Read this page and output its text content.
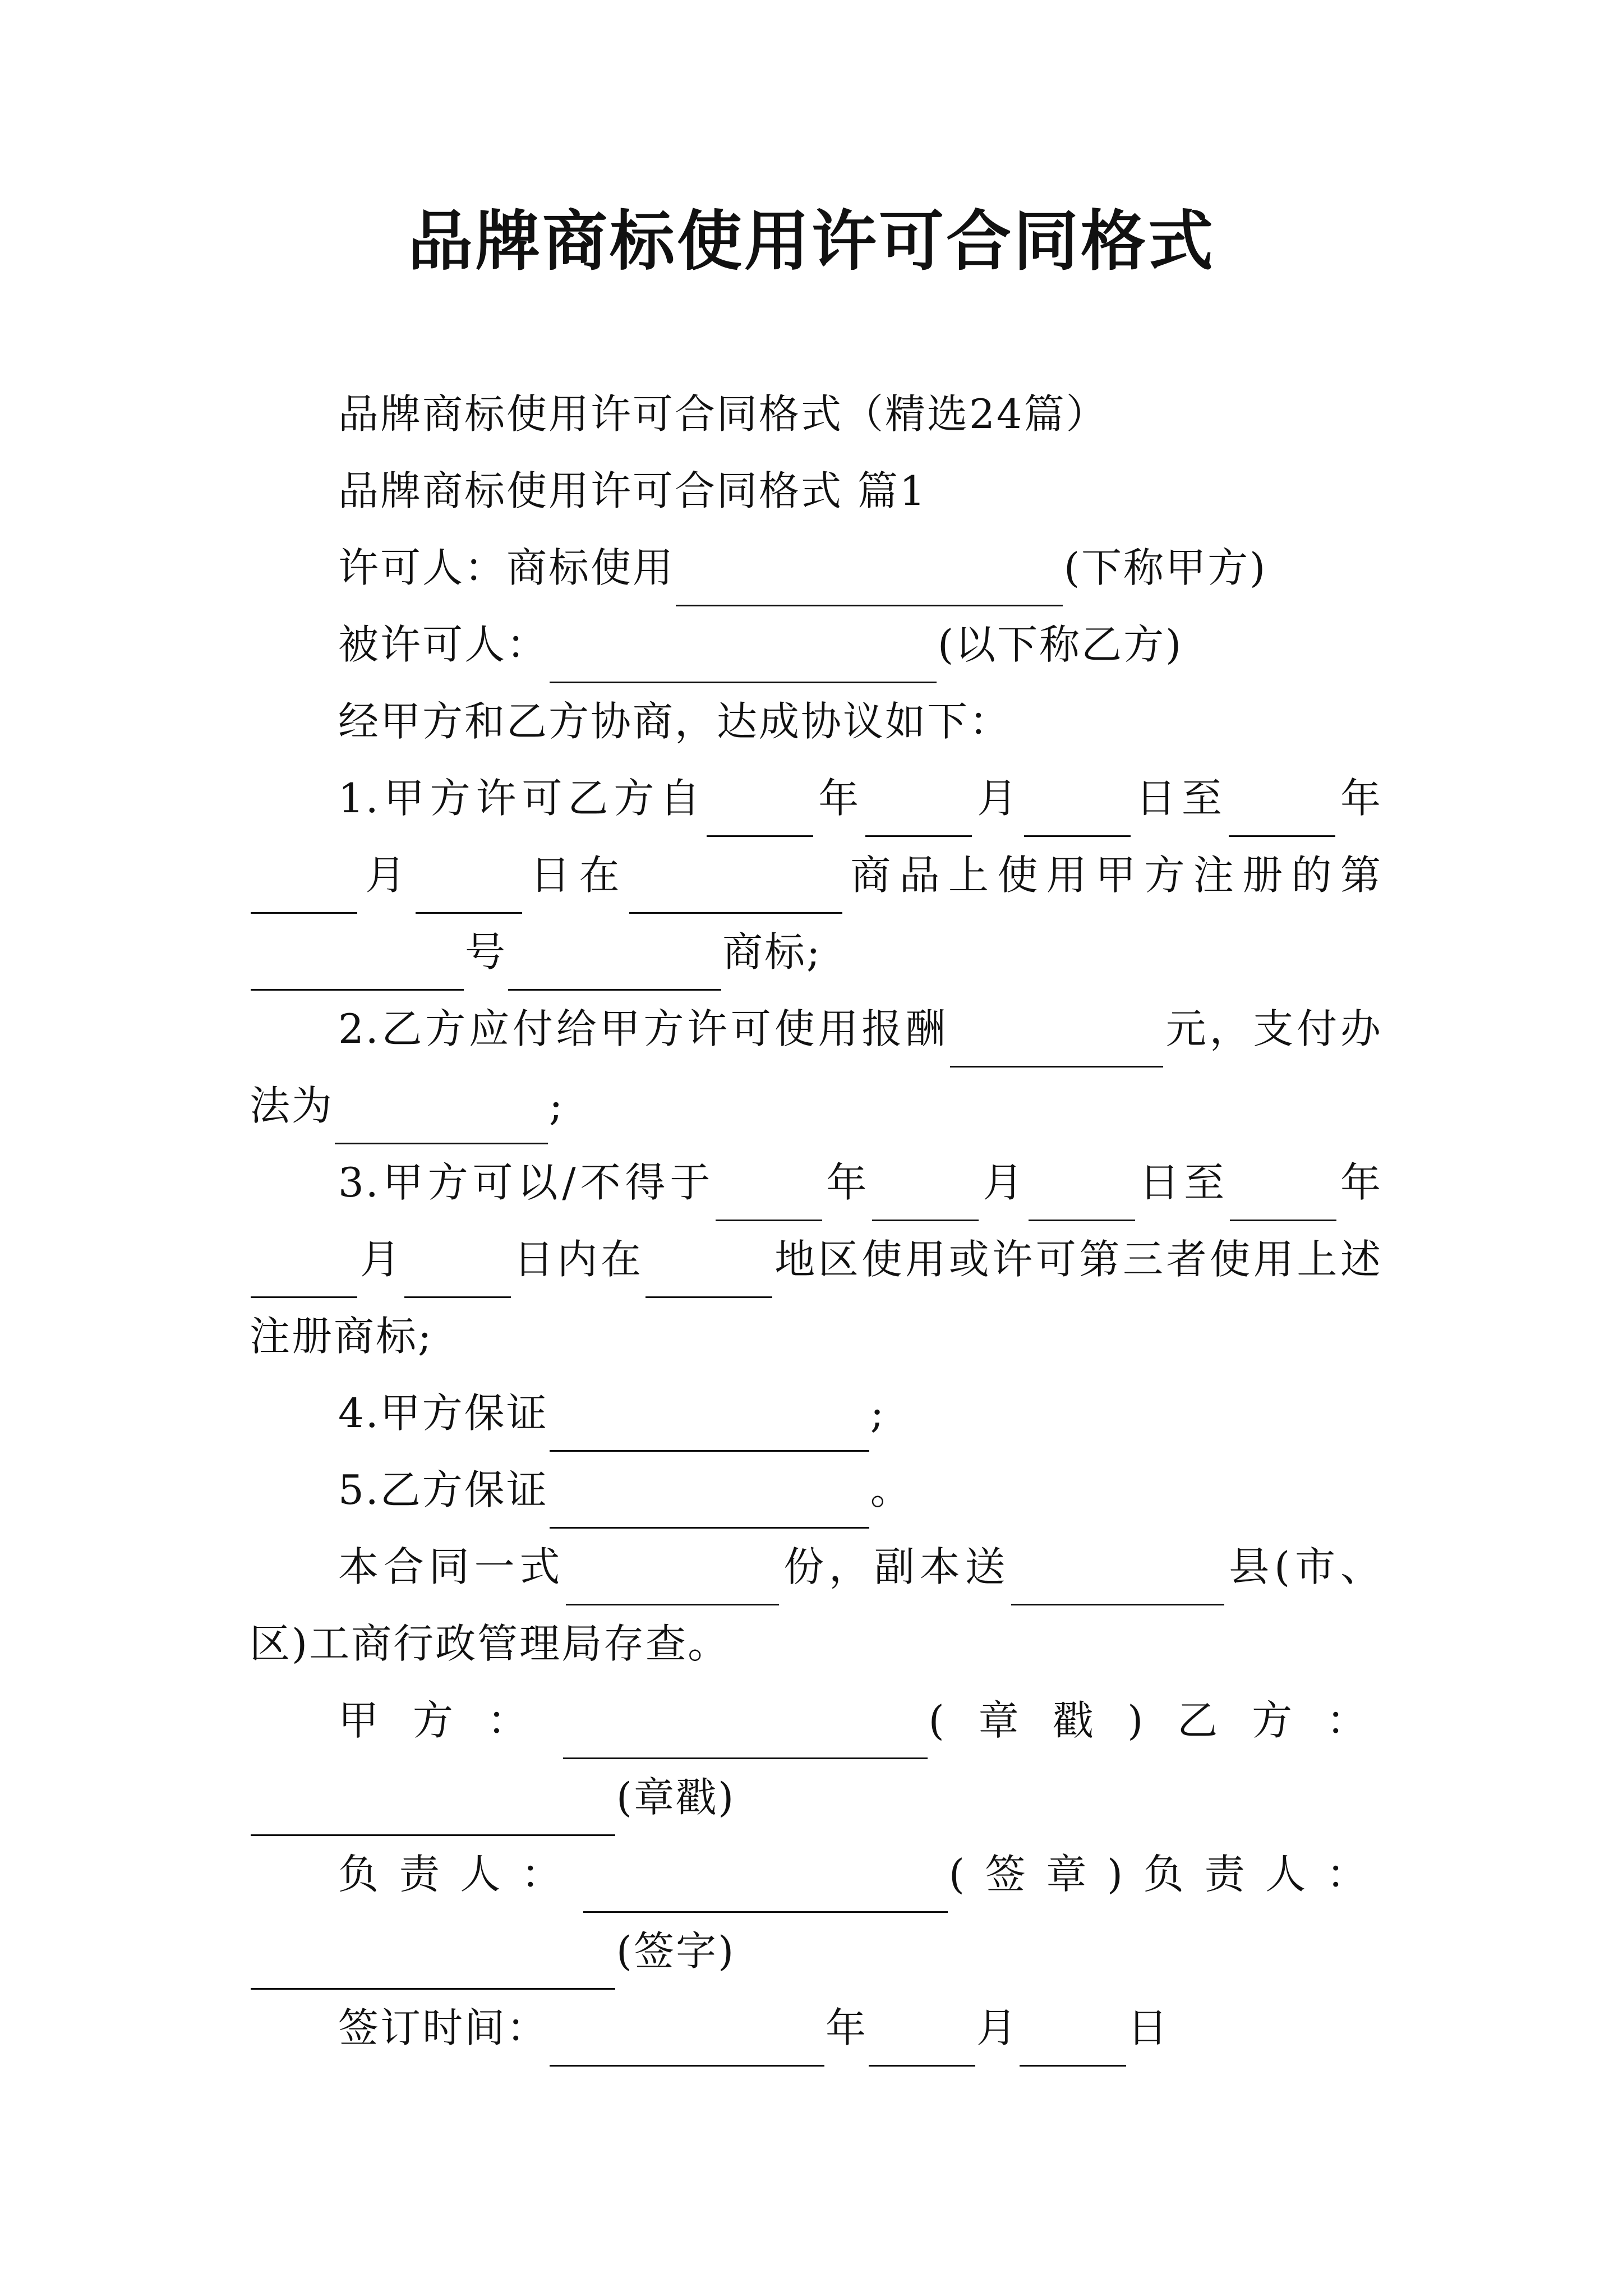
品牌商标使用许可合同格式

品牌商标使用许可合同格式（精选24篇）

品牌商标使用许可合同格式 篇1

许可人：商标使用	(下称甲方)

被许可人：	(以下称乙方)

经甲方和乙方协商，达成协议如下：

1.甲方许可乙方自	年	月	日至	年月	日在	商品上使用甲方注册的第号	商标;

2.乙方应付给甲方许可使用报酬	元，支付办法为	;

3.甲方可以/不得于	年	月	日至	年月	日内在	地区使用或许可第三者使用上述注册商标;

4.甲方保证	;

5.乙方保证	。

本合同一式	份，副本送	县(市、区)工商行政管理局存查。

甲方：	(章戳)乙方：(章戳)

负责人：	(签章)负责人：(签字)

签订时间：	年	月	日
